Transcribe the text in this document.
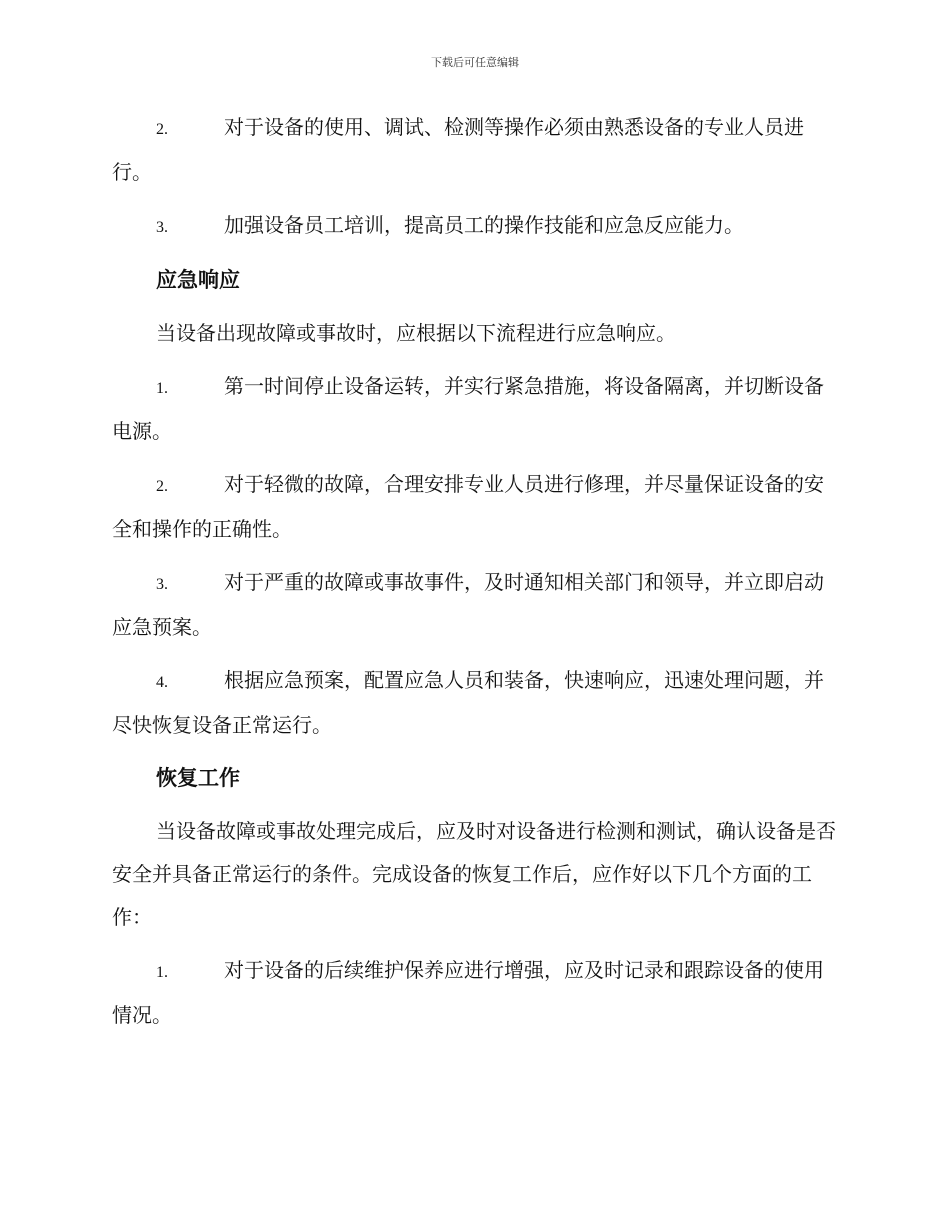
下载后可任意编辑

2.	对于设备的使用、调试、检测等操作必须由熟悉设备的专业人员进行。

3.	加强设备员工培训，提高员工的操作技能和应急反应能力。

应急响应

当设备出现故障或事故时，应根据以下流程进行应急响应。

1.	第一时间停止设备运转，并实行紧急措施，将设备隔离，并切断设备电源。

2.	对于轻微的故障，合理安排专业人员进行修理，并尽量保证设备的安全和操作的正确性。

3.	对于严重的故障或事故事件，及时通知相关部门和领导，并立即启动应急预案。

4.	根据应急预案，配置应急人员和装备，快速响应，迅速处理问题，并尽快恢复设备正常运行。

恢复工作

当设备故障或事故处理完成后，应及时对设备进行检测和测试，确认设备是否安全并具备正常运行的条件。完成设备的恢复工作后，应作好以下几个方面的工作：

1.	对于设备的后续维护保养应进行增强，应及时记录和跟踪设备的使用情况。
